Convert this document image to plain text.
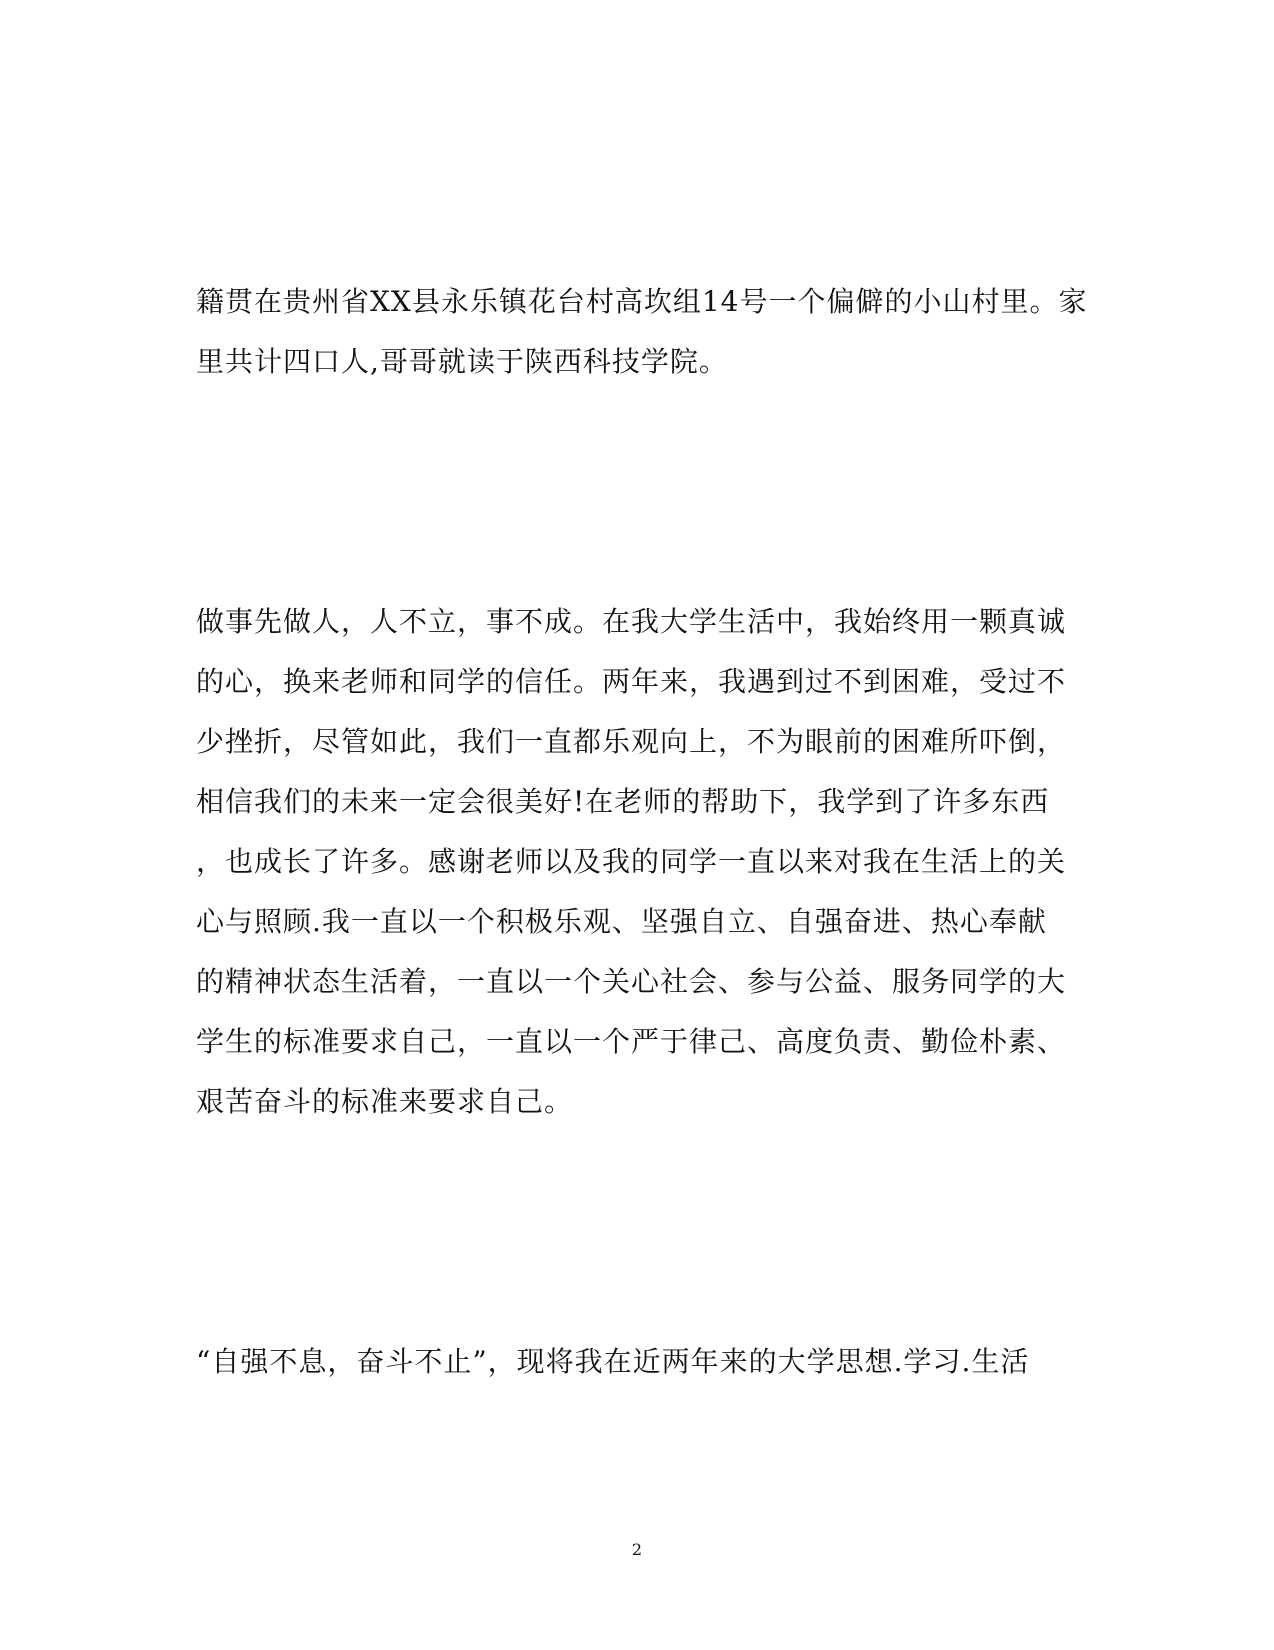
籍贯在贵州省XX县永乐镇花台村高坎组14号一个偏僻的小山村里。家
里共计四口人,哥哥就读于陕西科技学院。
做事先做人，人不立，事不成。在我大学生活中，我始终用一颗真诚
的心，换来老师和同学的信任。两年来，我遇到过不到困难，受过不
少挫折，尽管如此，我们一直都乐观向上，不为眼前的困难所吓倒，
相信我们的未来一定会很美好!在老师的帮助下，我学到了许多东西
，也成长了许多。感谢老师以及我的同学一直以来对我在生活上的关
心与照顾.我一直以一个积极乐观、坚强自立、自强奋进、热心奉献
的精神状态生活着，一直以一个关心社会、参与公益、服务同学的大
学生的标准要求自己，一直以一个严于律己、高度负责、勤俭朴素、
艰苦奋斗的标准来要求自己。
“自强不息，奋斗不止”，现将我在近两年来的大学思想.学习.生活
2
